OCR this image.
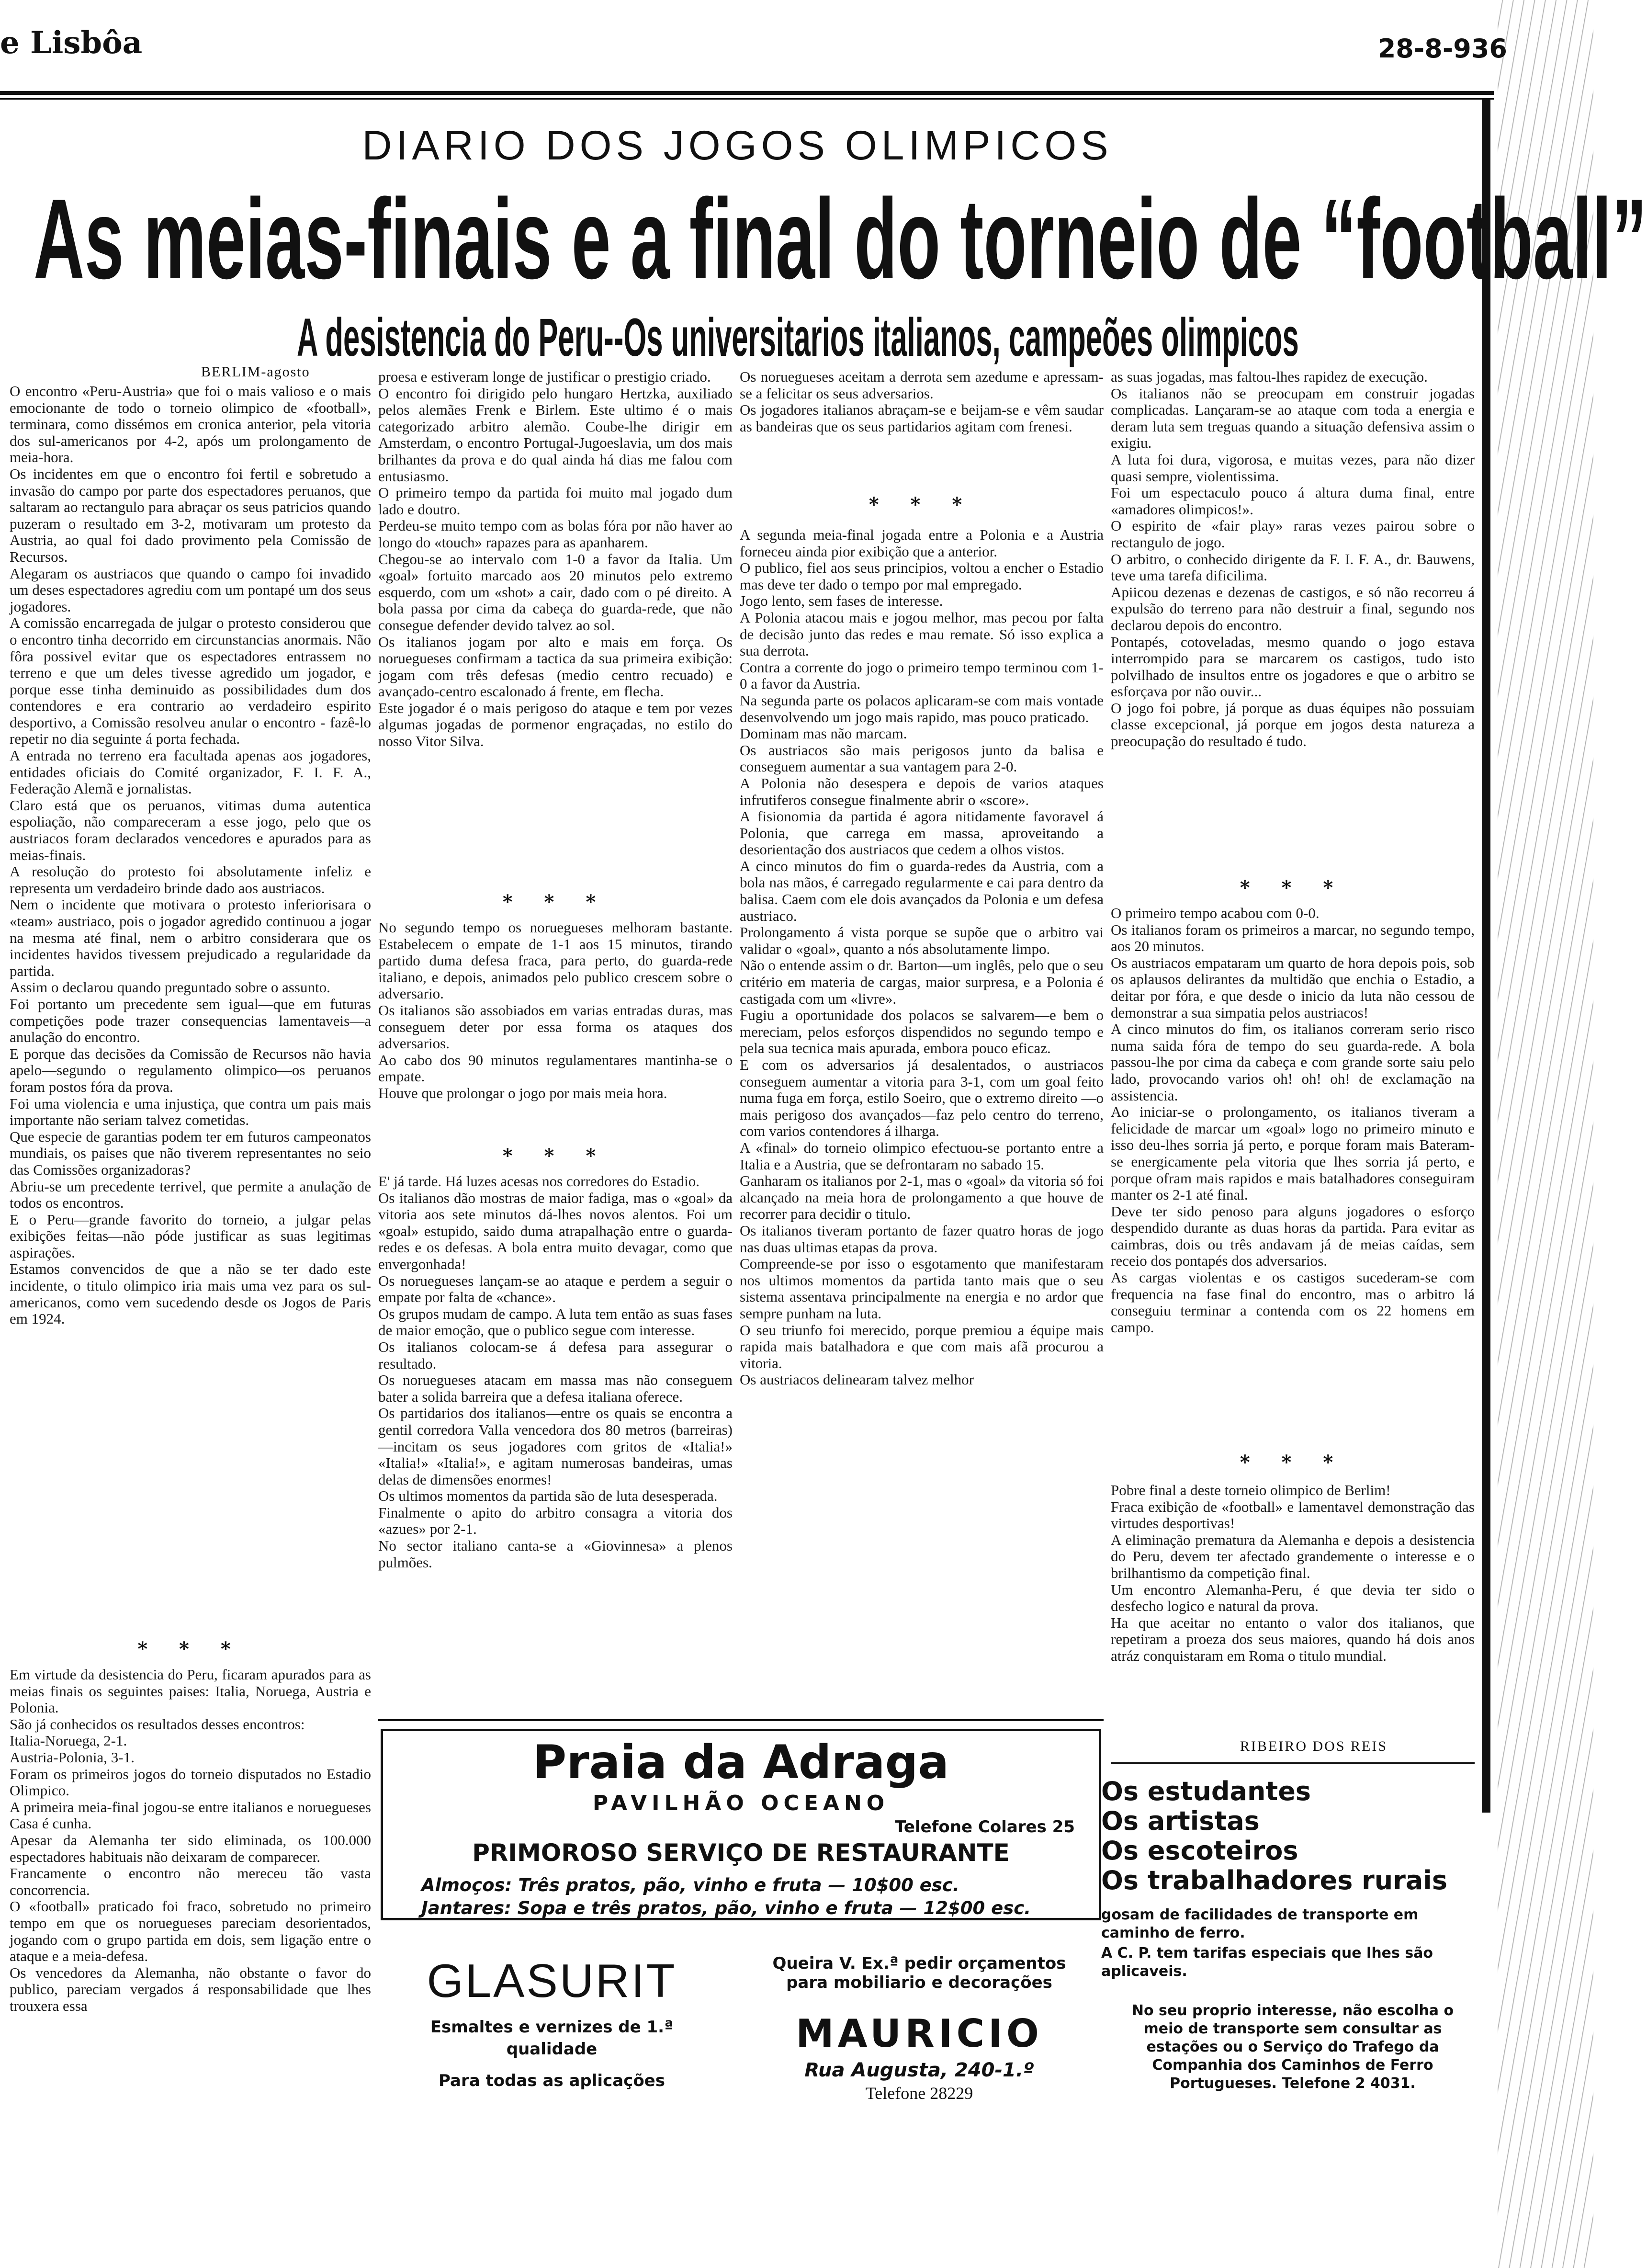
e Lisbôa	28-8-936
DIARIO DOS JOGOS OLIMPICOS
As meias-finais e a final do torneio de “football”
A desistencia do Peru--Os universitarios italianos, campeões olimpicos
BERLIM-agosto
O encontro «Peru-Austria» que foi o mais valioso e o mais emocionante de todo o torneio olimpico de «football», terminara, como dissémos em cronica anterior, pela vitoria dos sul-americanos por 4-2, após um prolongamento de meia-hora.
Os incidentes em que o encontro foi fertil e sobretudo a invasão do campo por parte dos espectadores peruanos, que saltaram ao rectangulo para abraçar os seus patricios quando puzeram o resultado em 3-2, motivaram um protesto da Austria, ao qual foi dado provimento pela Comissão de Recursos.
Alegaram os austriacos que quando o campo foi invadido um deses espectadores agrediu com um pontapé um dos seus jogadores.
A comissão encarregada de julgar o protesto considerou que o encontro tinha decorrido em circunstancias anormais. Não fôra possivel evitar que os espectadores entrassem no terreno e que um deles tivesse agredido um jogador, e porque esse tinha deminuido as possibilidades dum dos contendores e era contrario ao verdadeiro espirito desportivo, a Comissão resolveu anular o encontro - fazê-lo repetir no dia seguinte á porta fechada.
A entrada no terreno era facultada apenas aos jogadores, entidades oficiais do Comité organizador, F. I. F. A., Federação Alemã e jornalistas.
Claro está que os peruanos, vitimas duma autentica espoliação, não compareceram a esse jogo, pelo que os austriacos foram declarados vencedores e apurados para as meias-finais.
A resolução do protesto foi absolutamente infeliz e representa um verdadeiro brinde dado aos austriacos.
Nem o incidente que motivara o protesto inferiorisara o «team» austriaco, pois o jogador agredido continuou a jogar na mesma até final, nem o arbitro considerara que os incidentes havidos tivessem prejudicado a regularidade da partida.
Assim o declarou quando preguntado sobre o assunto.
Foi portanto um precedente sem igual—que em futuras competições pode trazer consequencias lamentaveis—a anulação do encontro.
E porque das decisões da Comissão de Recursos não havia apelo—segundo o regulamento olimpico—os peruanos foram postos fóra da prova.
Foi uma violencia e uma injustiça, que contra um pais mais importante não seriam talvez cometidas.
Que especie de garantias podem ter em futuros campeonatos mundiais, os paises que não tiverem representantes no seio das Comissões organizadoras?
Abriu-se um precedente terrivel, que permite a anulação de todos os encontros.
E o Peru—grande favorito do torneio, a julgar pelas exibições feitas—não póde justificar as suas legitimas aspirações.
Estamos convencidos de que a não se ter dado este incidente, o titulo olimpico iria mais uma vez para os sul-americanos, como vem sucedendo desde os Jogos de Paris em 1924.
* * *
Em virtude da desistencia do Peru, ficaram apurados para as meias finais os seguintes paises: Italia, Noruega, Austria e Polonia.
São já conhecidos os resultados desses encontros:
Italia-Noruega, 2-1.
Austria-Polonia, 3-1.
Foram os primeiros jogos do torneio disputados no Estadio Olimpico.
A primeira meia-final jogou-se entre italianos e noruegueses Casa é cunha.
Apesar da Alemanha ter sido eliminada, os 100.000 espectadores habituais não deixaram de comparecer.
Francamente o encontro não mereceu tão vasta concorrencia.
O «football» praticado foi fraco, sobretudo no primeiro tempo em que os noruegueses pareciam desorientados, jogando com o grupo partida em dois, sem ligação entre o ataque e a meia-defesa.
Os vencedores da Alemanha, não obstante o favor do publico, pareciam vergados á responsabilidade que lhes trouxera essa
proesa e estiveram longe de justificar o prestigio criado.
O encontro foi dirigido pelo hungaro Hertzka, auxiliado pelos alemães Frenk e Birlem. Este ultimo é o mais categorizado arbitro alemão. Coube-lhe dirigir em Amsterdam, o encontro Portugal-Jugoeslavia, um dos mais brilhantes da prova e do qual ainda há dias me falou com entusiasmo.
O primeiro tempo da partida foi muito mal jogado dum lado e doutro.
Perdeu-se muito tempo com as bolas fóra por não haver ao longo do «touch» rapazes para as apanharem.
Chegou-se ao intervalo com 1-0 a favor da Italia. Um «goal» fortuito marcado aos 20 minutos pelo extremo esquerdo, com um «shot» a cair, dado com o pé direito. A bola passa por cima da cabeça do guarda-rede, que não consegue defender devido talvez ao sol.
Os italianos jogam por alto e mais em força. Os noruegueses confirmam a tactica da sua primeira exibição: jogam com três defesas (medio centro recuado) e avançado-centro escalonado á frente, em flecha.
Este jogador é o mais perigoso do ataque e tem por vezes algumas jogadas de pormenor engraçadas, no estilo do nosso Vitor Silva.
* * *
No segundo tempo os noruegueses melhoram bastante. Estabelecem o empate de 1-1 aos 15 minutos, tirando partido duma defesa fraca, para perto, do guarda-rede italiano, e depois, animados pelo publico crescem sobre o adversario.
Os italianos são assobiados em varias entradas duras, mas conseguem deter por essa forma os ataques dos adversarios.
Ao cabo dos 90 minutos regulamentares mantinha-se o empate.
Houve que prolongar o jogo por mais meia hora.
* * *
E' já tarde. Há luzes acesas nos corredores do Estadio.
Os italianos dão mostras de maior fadiga, mas o «goal» da vitoria aos sete minutos dá-lhes novos alentos. Foi um «goal» estupido, saido duma atrapalhação entre o guarda-redes e os defesas. A bola entra muito devagar, como que envergonhada!
Os noruegueses lançam-se ao ataque e perdem a seguir o empate por falta de «chance».
Os grupos mudam de campo. A luta tem então as suas fases de maior emoção, que o publico segue com interesse.
Os italianos colocam-se á defesa para assegurar o resultado.
Os noruegueses atacam em massa mas não conseguem bater a solida barreira que a defesa italiana oferece.
Os partidarios dos italianos—entre os quais se encontra a gentil corredora Valla vencedora dos 80 metros (barreiras)—incitam os seus jogadores com gritos de «Italia!» «Italia!» «Italia!», e agitam numerosas bandeiras, umas delas de dimensões enormes!
Os ultimos momentos da partida são de luta desesperada.
Finalmente o apito do arbitro consagra a vitoria dos «azues» por 2-1.
No sector italiano canta-se a «Giovinnesa» a plenos pulmões.
Os noruegueses aceitam a derrota sem azedume e apressam-se a felicitar os seus adversarios.
Os jogadores italianos abraçam-se e beijam-se e vêm saudar as bandeiras que os seus partidarios agitam com frenesi.
* * *
A segunda meia-final jogada entre a Polonia e a Austria forneceu ainda pior exibição que a anterior.
O publico, fiel aos seus principios, voltou a encher o Estadio mas deve ter dado o tempo por mal empregado.
Jogo lento, sem fases de interesse.
A Polonia atacou mais e jogou melhor, mas pecou por falta de decisão junto das redes e mau remate. Só isso explica a sua derrota.
Contra a corrente do jogo o primeiro tempo terminou com 1-0 a favor da Austria.
Na segunda parte os polacos aplicaram-se com mais vontade desenvolvendo um jogo mais rapido, mas pouco praticado.
Dominam mas não marcam.
Os austriacos são mais perigosos junto da balisa e conseguem aumentar a sua vantagem para 2-0.
A Polonia não desespera e depois de varios ataques infrutiferos consegue finalmente abrir o «score».
A fisionomia da partida é agora nitidamente favoravel á Polonia, que carrega em massa, aproveitando a desorientação dos austriacos que cedem a olhos vistos.
A cinco minutos do fim o guarda-redes da Austria, com a bola nas mãos, é carregado regularmente e cai para dentro da balisa. Caem com ele dois avançados da Polonia e um defesa austriaco.
Prolongamento á vista porque se supõe que o arbitro vai validar o «goal», quanto a nós absolutamente limpo.
Não o entende assim o dr. Barton—um inglês, pelo que o seu critério em materia de cargas, maior surpresa, e a Polonia é castigada com um «livre».
Fugiu a oportunidade dos polacos se salvarem—e bem o mereciam, pelos esforços dispendidos no segundo tempo e pela sua tecnica mais apurada, embora pouco eficaz.
E com os adversarios já desalentados, o austriacos conseguem aumentar a vitoria para 3-1, com um goal feito numa fuga em força, estilo Soeiro, que o extremo direito —o mais perigoso dos avançados—faz pelo centro do terreno, com varios contendores á ilharga.
A «final» do torneio olimpico efectuou-se portanto entre a Italia e a Austria, que se defrontaram no sabado 15.
Ganharam os italianos por 2-1, mas o «goal» da vitoria só foi alcançado na meia hora de prolongamento a que houve de recorrer para decidir o titulo.
Os italianos tiveram portanto de fazer quatro horas de jogo nas duas ultimas etapas da prova.
Compreende-se por isso o esgotamento que manifestaram nos ultimos momentos da partida tanto mais que o seu sistema assentava principalmente na energia e no ardor que sempre punham na luta.
O seu triunfo foi merecido, porque premiou a équipe mais rapida mais batalhadora e que com mais afã procurou a vitoria.
Os austriacos delinearam talvez melhor
as suas jogadas, mas faltou-lhes rapidez de execução.
Os italianos não se preocupam em construir jogadas complicadas. Lançaram-se ao ataque com toda a energia e deram luta sem treguas quando a situação defensiva assim o exigiu.
A luta foi dura, vigorosa, e muitas vezes, para não dizer quasi sempre, violentissima.
Foi um espectaculo pouco á altura duma final, entre «amadores olimpicos!».
O espirito de «fair play» raras vezes pairou sobre o rectangulo de jogo.
O arbitro, o conhecido dirigente da F. I. F. A., dr. Bauwens, teve uma tarefa dificilima.
Apiicou dezenas e dezenas de castigos, e só não recorreu á expulsão do terreno para não destruir a final, segundo nos declarou depois do encontro.
Pontapés, cotoveladas, mesmo quando o jogo estava interrompido para se marcarem os castigos, tudo isto polvilhado de insultos entre os jogadores e que o arbitro se esforçava por não ouvir...
O jogo foi pobre, já porque as duas équipes não possuiam classe excepcional, já porque em jogos desta natureza a preocupação do resultado é tudo.
* * *
O primeiro tempo acabou com 0-0.
Os italianos foram os primeiros a marcar, no segundo tempo, aos 20 minutos.
Os austriacos empataram um quarto de hora depois pois, sob os aplausos delirantes da multidão que enchia o Estadio, a deitar por fóra, e que desde o inicio da luta não cessou de demonstrar a sua simpatia pelos austriacos!
A cinco minutos do fim, os italianos correram serio risco numa saida fóra de tempo do seu guarda-rede. A bola passou-lhe por cima da cabeça e com grande sorte saiu pelo lado, provocando varios oh! oh! oh! de exclamação na assistencia.
Ao iniciar-se o prolongamento, os italianos tiveram a felicidade de marcar um «goal» logo no primeiro minuto e isso deu-lhes sorria já perto, e porque foram mais Bateram-se energicamente pela vitoria que lhes sorria já perto, e porque ofram mais rapidos e mais batalhadores conseguiram manter os 2-1 até final.
Deve ter sido penoso para alguns jogadores o esforço despendido durante as duas horas da partida. Para evitar as caimbras, dois ou três andavam já de meias caídas, sem receio dos pontapés dos adversarios.
As cargas violentas e os castigos sucederam-se com frequencia na fase final do encontro, mas o arbitro lá conseguiu terminar a contenda com os 22 homens em campo.
* * *
Pobre final a deste torneio olimpico de Berlim!
Fraca exibição de «football» e lamentavel demonstração das virtudes desportivas!
A eliminação prematura da Alemanha e depois a desistencia do Peru, devem ter afectado grandemente o interesse e o brilhantismo da competição final.
Um encontro Alemanha-Peru, é que devia ter sido o desfecho logico e natural da prova.
Ha que aceitar no entanto o valor dos italianos, que repetiram a proeza dos seus maiores, quando há dois anos atráz conquistaram em Roma o titulo mundial.
RIBEIRO DOS REIS
Praia da Adraga
PAVILHÃO OCEANO
Telefone Colares 25
PRIMOROSO SERVIÇO DE RESTAURANTE
Almoços: Três pratos, pão, vinho e fruta — 10$00 esc.
Jantares: Sopa e três pratos, pão, vinho e fruta — 12$00 esc.
GLASURIT
Esmaltes e vernizes de 1.ª qualidade
Para todas as aplicações
Queira V. Ex.ª pedir orçamentos para mobiliario e decorações
MAURICIO
Rua Augusta, 240-1.º
Telefone 28229
Os estudantes
Os artistas
Os escoteiros
Os trabalhadores rurais
gosam de facilidades de transporte em caminho de ferro.
A C. P. tem tarifas especiais que lhes são aplicaveis.
No seu proprio interesse, não escolha o meio de transporte sem consultar as estações ou o Serviço do Trafego da Companhia dos Caminhos de Ferro Portugueses. Telefone 2 4031.
